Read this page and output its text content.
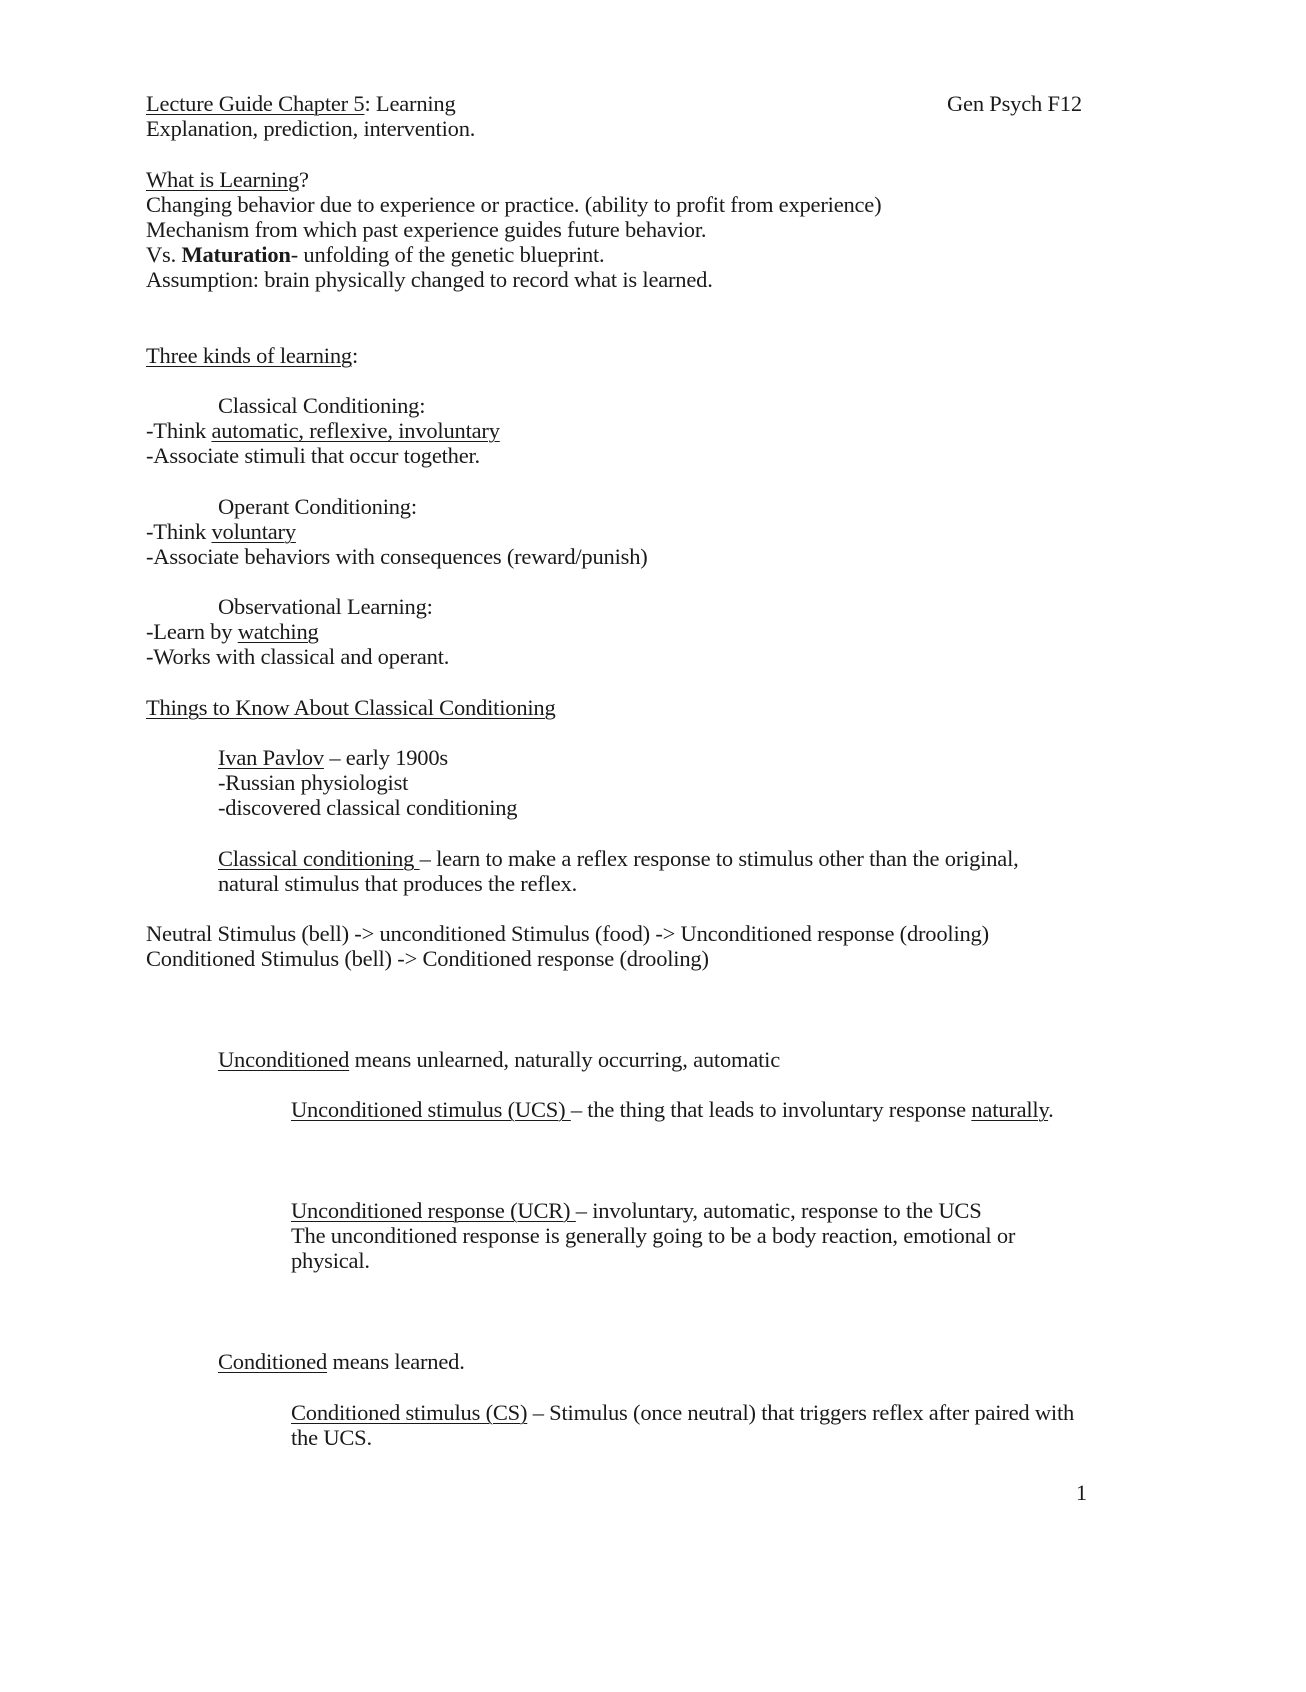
Lecture Guide Chapter 5: Learning	Gen Psych F12
Explanation, prediction, intervention.
What is Learning?
Changing behavior due to experience or practice. (ability to profit from experience)
Mechanism from which past experience guides future behavior.
Vs. Maturation- unfolding of the genetic blueprint.
Assumption: brain physically changed to record what is learned.
Three kinds of learning:
Classical Conditioning:
-Think automatic, reflexive, involuntary
-Associate stimuli that occur together.
Operant Conditioning:
-Think voluntary
-Associate behaviors with consequences (reward/punish)
Observational Learning:
-Learn by watching
-Works with classical and operant.
Things to Know About Classical Conditioning
Ivan Pavlov – early 1900s
-Russian physiologist
-discovered classical conditioning
Classical conditioning – learn to make a reflex response to stimulus other than the original,
natural stimulus that produces the reflex.
Neutral Stimulus (bell) -> unconditioned Stimulus (food) -> Unconditioned response (drooling)
Conditioned Stimulus (bell) -> Conditioned response (drooling)
Unconditioned means unlearned, naturally occurring, automatic
Unconditioned stimulus (UCS) – the thing that leads to involuntary response naturally.
Unconditioned response (UCR) – involuntary, automatic, response to the UCS
The unconditioned response is generally going to be a body reaction, emotional or
physical.
Conditioned means learned.
Conditioned stimulus (CS) – Stimulus (once neutral) that triggers reflex after paired with
the UCS.
1
